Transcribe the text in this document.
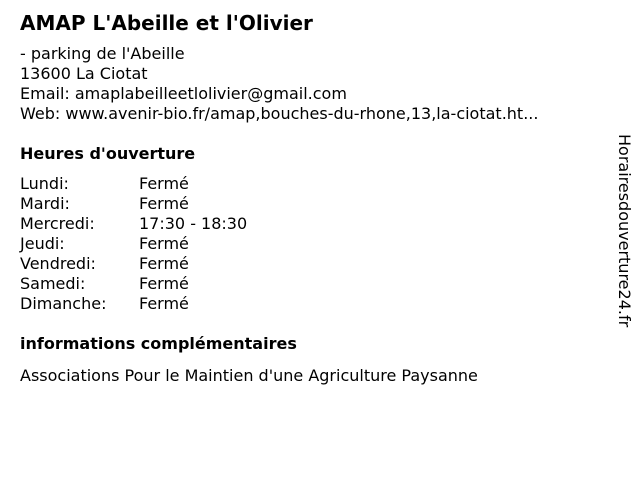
AMAP L'Abeille et l'Olivier
- parking de l'Abeille
13600 La Ciotat
Email: amaplabeilleetlolivier@gmail.com
Web: www.avenir-bio.fr/amap,bouches-du-rhone,13,la-ciotat.ht...
Heures d'ouverture
Lundi:	Fermé
Mardi:	Fermé
Mercredi:	17:30 - 18:30
Jeudi:	Fermé
Vendredi:	Fermé
Samedi:	Fermé
Dimanche:	Fermé
informations complémentaires
Associations Pour le Maintien d'une Agriculture Paysanne
Horairesdouverture24.fr
